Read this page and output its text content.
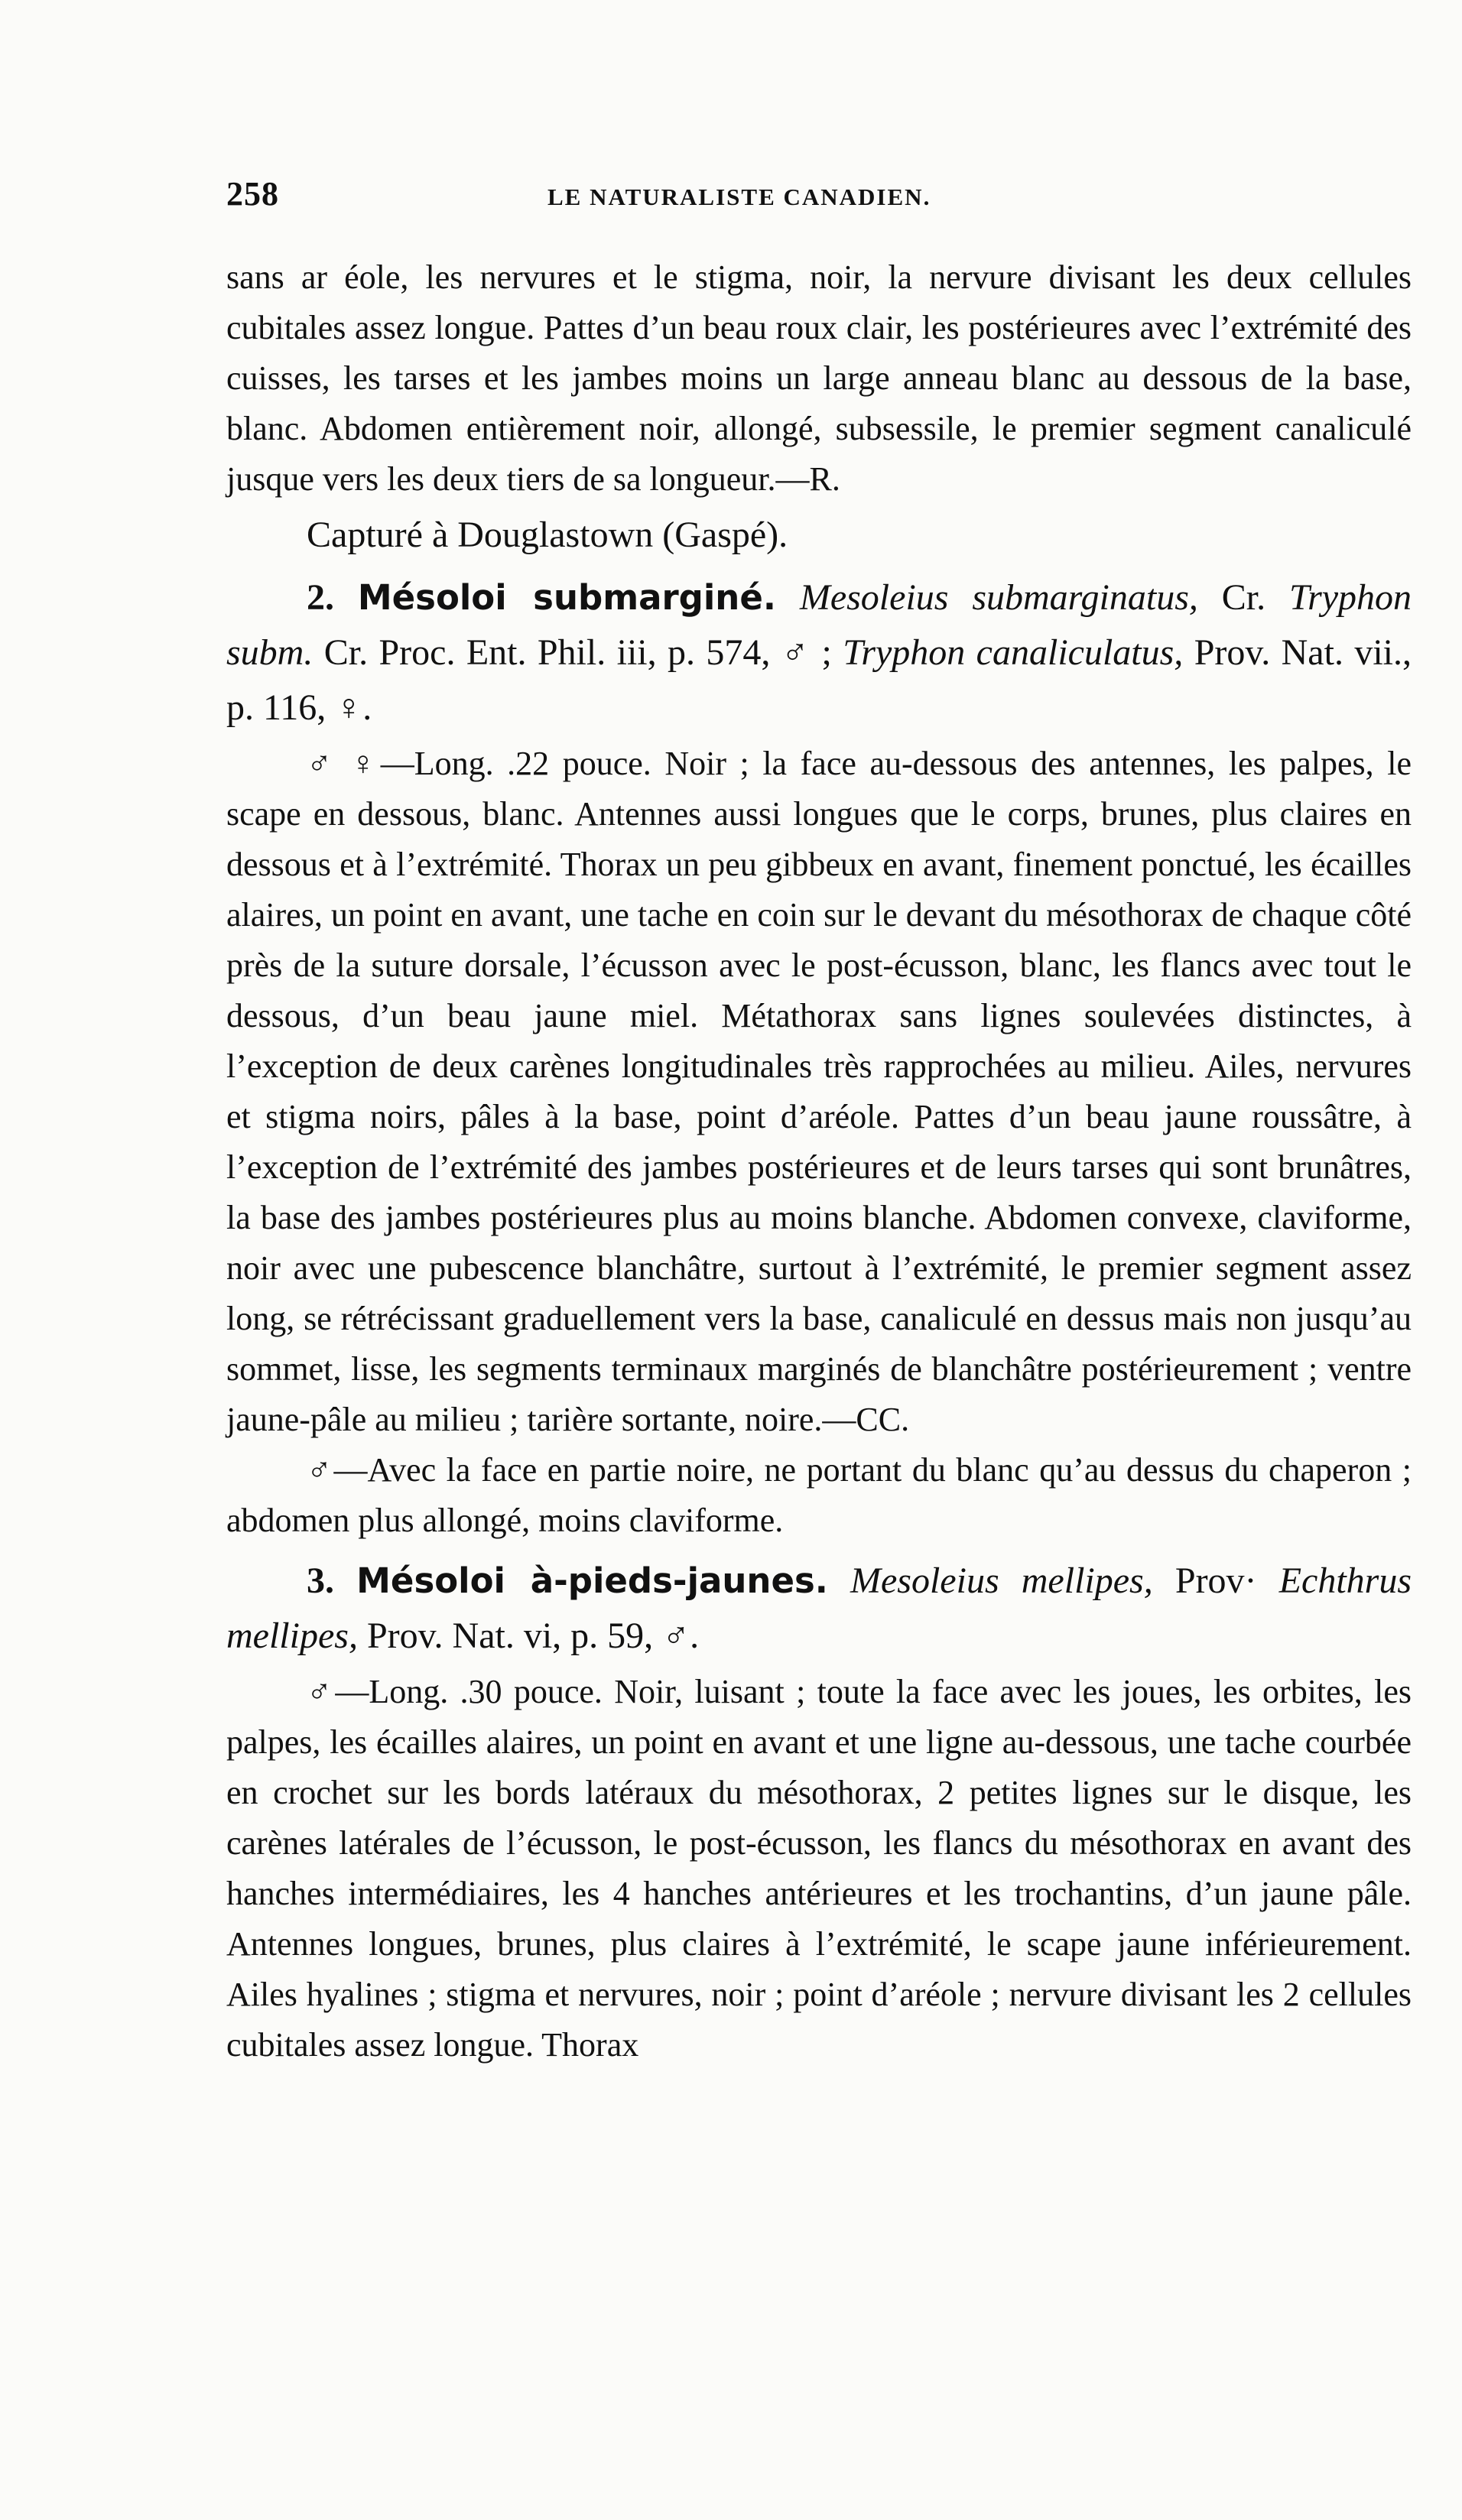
258	LE NATURALISTE CANADIEN.

sans ar éole, les nervures et le stigma, noir, la nervure divisant les deux cellules cubitales assez longue. Pattes d’un beau roux clair, les postérieures avec l’extrémité des cuisses, les tarses et les jambes moins un large anneau blanc au dessous de la base, blanc. Abdomen entièrement noir, allongé, subsessile, le premier segment canaliculé jusque vers les deux tiers de sa longueur.—R.

Capturé à Douglastown (Gaspé).

2. Mésoloi submarginé. Mesoleius submarginatus, Cr. Tryphon subm. Cr. Proc. Ent. Phil. iii, p. 574, ♂ ; Tryphon canaliculatus, Prov. Nat. vii., p. 116, ♀.

♂ ♀—Long. .22 pouce. Noir ; la face au-dessous des antennes, les palpes, le scape en dessous, blanc. Antennes aussi longues que le corps, brunes, plus claires en dessous et à l’extrémité. Thorax un peu gibbeux en avant, finement ponctué, les écailles alaires, un point en avant, une tache en coin sur le devant du mésothorax de chaque côté près de la suture dorsale, l’écusson avec le post-écusson, blanc, les flancs avec tout le dessous, d’un beau jaune miel. Métathorax sans lignes soulevées distinctes, à l’exception de deux carènes longitudinales très rapprochées au milieu. Ailes, nervures et stigma noirs, pâles à la base, point d’aréole. Pattes d’un beau jaune roussâtre, à l’exception de l’extrémité des jambes postérieures et de leurs tarses qui sont brunâtres, la base des jambes postérieures plus au moins blanche. Abdomen convexe, claviforme, noir avec une pubescence blanchâtre, surtout à l’extrémité, le premier segment assez long, se rétrécissant graduellement vers la base, canaliculé en dessus mais non jusqu’au sommet, lisse, les segments terminaux marginés de blanchâtre postérieurement ; ventre jaune-pâle au milieu ; tarière sortante, noire.—CC.

♂—Avec la face en partie noire, ne portant du blanc qu’au dessus du chaperon ; abdomen plus allongé, moins claviforme.

3. Mésoloi à-pieds-jaunes. Mesoleius mellipes, Prov· Echthrus mellipes, Prov. Nat. vi, p. 59, ♂.

♂—Long. .30 pouce. Noir, luisant ; toute la face avec les joues, les orbites, les palpes, les écailles alaires, un point en avant et une ligne au-dessous, une tache courbée en crochet sur les bords latéraux du mésothorax, 2 petites lignes sur le disque, les carènes latérales de l’écusson, le post-écusson, les flancs du mésothorax en avant des hanches intermédiaires, les 4 hanches antérieures et les trochantins, d’un jaune pâle. Antennes longues, brunes, plus claires à l’extrémité, le scape jaune inférieurement. Ailes hyalines ; stigma et nervures, noir ; point d’aréole ; nervure divisant les 2 cellules cubitales assez longue. Thorax
